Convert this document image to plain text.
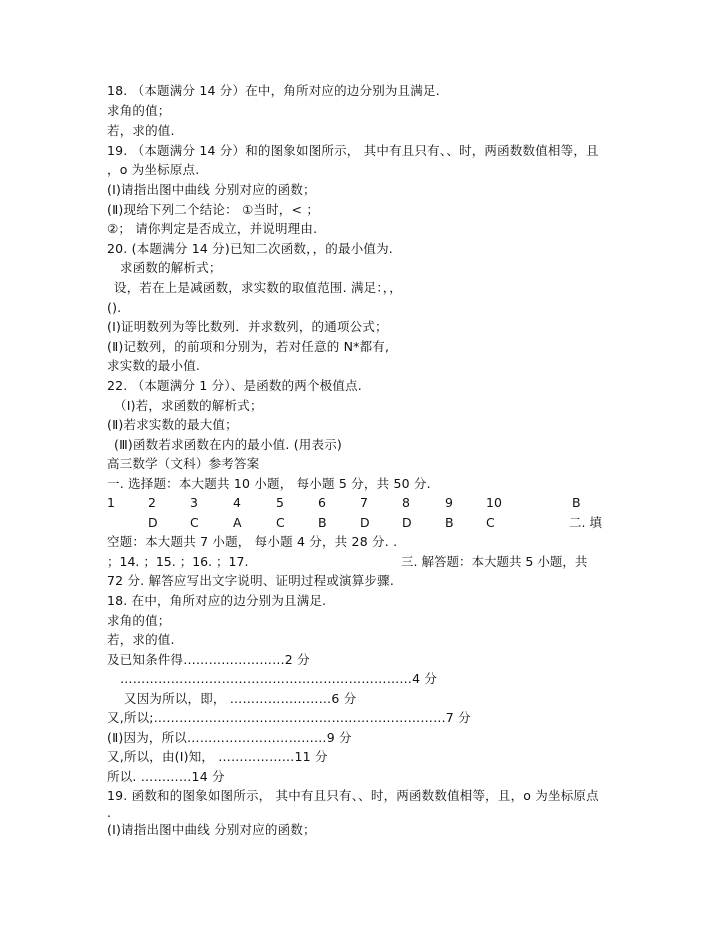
18. （本题满分 14 分）在中，角所对应的边分别为且满足.
求角的值；
若，求的值.
19. （本题满分 14 分）和的图象如图所示， 其中有且只有、、时，两函数数值相等，且
，o 为坐标原点.
(Ⅰ)请指出图中曲线 分别对应的函数；
(Ⅱ)现给下列二个结论： ①当时，< ；
②； 请你判定是否成立，并说明理由.
20. (本题满分 14 分)已知二次函数，，的最小值为.
求函数的解析式；
设，若在上是减函数，求实数的取值范围. 满足：，，
().
(Ⅰ)证明数列为等比数列．并求数列，的通项公式；
(Ⅱ)记数列，的前项和分别为，若对任意的 N*都有,
求实数的最小值.
22. （本题满分 1 分）、是函数的两个极值点.
（Ⅰ)若，求函数的解析式；
(Ⅱ)若求实数的最大值；
(Ⅲ)函数若求函数在内的最小值. (用表示)
高三数学（文科）参考答案
一. 选择题：本大题共 10 小题， 每小题 5 分，共 50 分.
1	2	3	4	5	6	7	8	9	10	B
D	C	A	C	B	D	D	B	C	二. 填
空题：本大题共 7 小题， 每小题 4 分，共 28 分. .
；14. ；15. ；16. ；17.	三. 解答题：本大题共 5 小题，共
72 分. 解答应写出文字说明、证明过程或演算步骤.
18. 在中，角所对应的边分别为且满足.
求角的值；
若，求的值.
及已知条件得……………………2 分
……………………………………………………………4 分
又因为所以，即， ……………………6 分
又,所以;……………………………………………………………7 分
(Ⅱ)因为，所以……………………………9 分
又,所以，由(Ⅰ)知， ………………11 分
所以. …………14 分
19. 函数和的图象如图所示， 其中有且只有、、时，两函数数值相等，且，o 为坐标原点
.
(Ⅰ)请指出图中曲线 分别对应的函数；
